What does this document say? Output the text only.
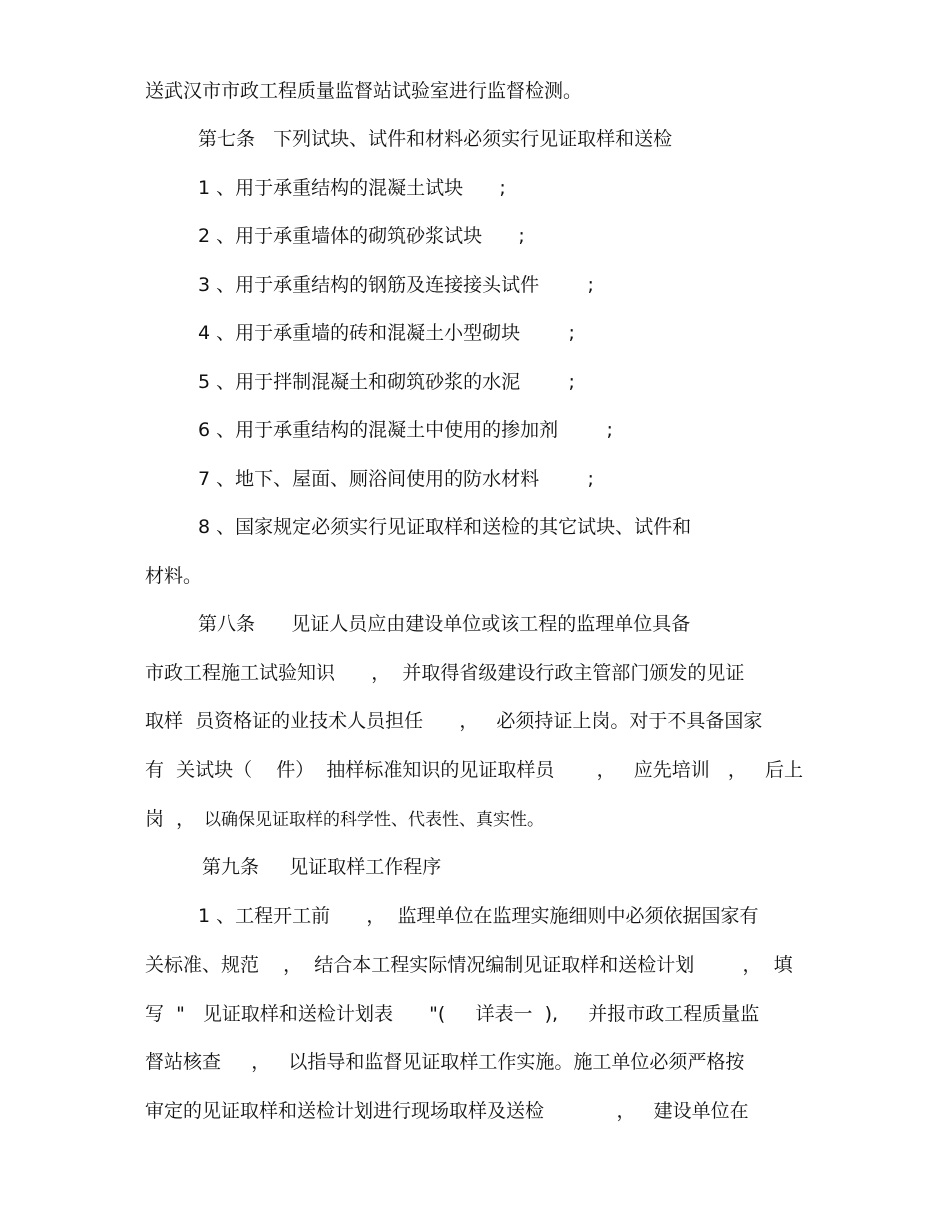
送武汉市市政工程质量监督站试验室进行监督检测。
第七条   下列试块、试件和材料必须实行见证取样和送检
1 、用于承重结构的混凝土试块      ;
2 、用于承重墙体的砌筑砂浆试块      ;
3 、用于承重结构的钢筋及连接接头试件        ;
4 、用于承重墙的砖和混凝土小型砌块        ;
5 、用于拌制混凝土和砌筑砂浆的水泥        ;
6 、用于承重结构的混凝土中使用的掺加剂        ;
7 、地下、屋面、厕浴间使用的防水材料        ;
8 、国家规定必须实行见证取样和送检的其它试块、试件和
材料。
第八条      见证人员应由建设单位或该工程的监理单位具备
市政工程施工试验知识      ，  并取得省级建设行政主管部门颁发的见证
取样  员资格证的业技术人员担任      ，   必须持证上岗。对于不具备国家
有  关试块（    件）  抽样标准知识的见证取样员       ，   应先培训   ，   后上
岗  ， 以确保见证取样的科学性、代表性、真实性。
第九条     见证取样工作程序
1 、工程开工前      ，  监理单位在监理实施细则中必须依据国家有
关标准、规范    ，  结合本工程实际情况编制见证取样和送检计划        ，  填
写  "   见证取样和送检计划表      "(     详表一  ),     并报市政工程质量监
督站核查     ，   以指导和监督见证取样工作实施。施工单位必须严格按
审定的见证取样和送检计划进行现场取样及送检            ，   建设单位在
